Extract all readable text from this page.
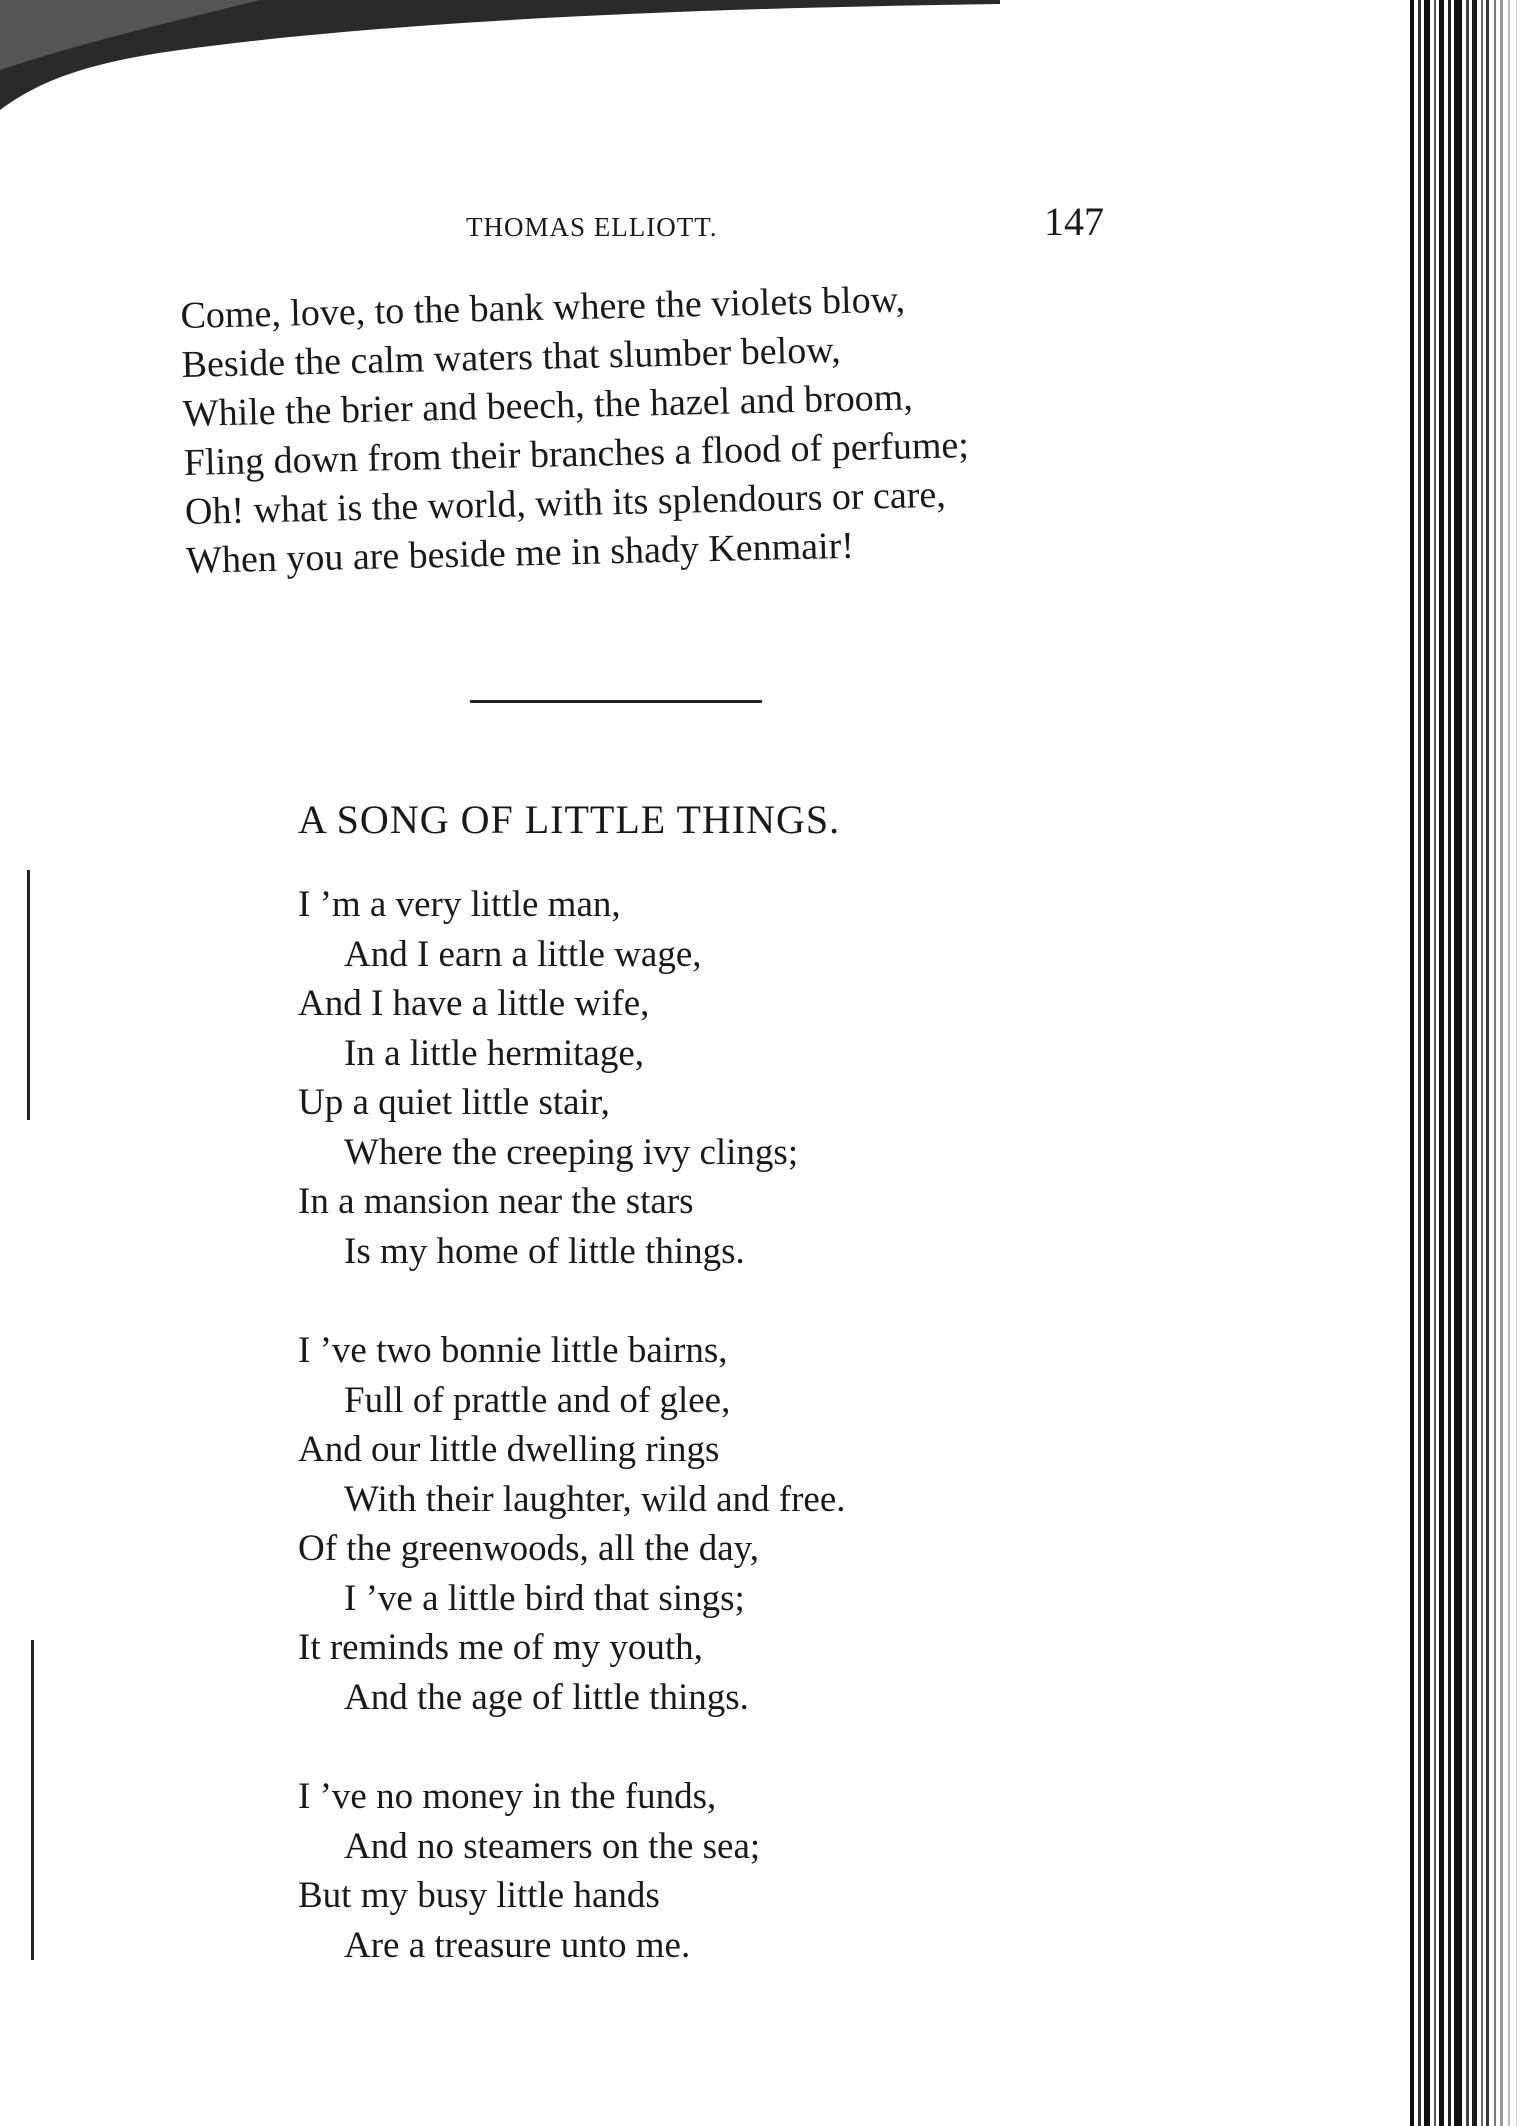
THOMAS ELLIOTT.	147
Come, love, to the bank where the violets blow,
Beside the calm waters that slumber below,
While the brier and beech, the hazel and broom,
Fling down from their branches a flood of perfume;
Oh! what is the world, with its splendours or care,
When you are beside me in shady Kenmair!
A SONG OF LITTLE THINGS.
I ’m a very little man,
And I earn a little wage,
And I have a little wife,
In a little hermitage,
Up a quiet little stair,
Where the creeping ivy clings;
In a mansion near the stars
Is my home of little things.
I ’ve two bonnie little bairns,
Full of prattle and of glee,
And our little dwelling rings
With their laughter, wild and free.
Of the greenwoods, all the day,
I ’ve a little bird that sings;
It reminds me of my youth,
And the age of little things.
I ’ve no money in the funds,
And no steamers on the sea;
But my busy little hands
Are a treasure unto me.
